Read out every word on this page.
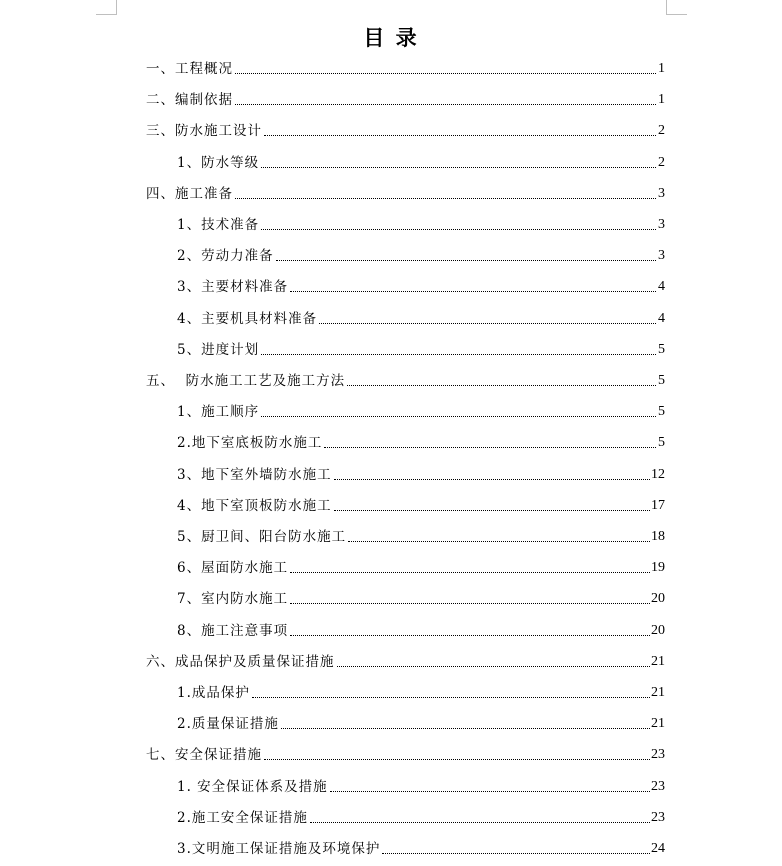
目 录
一、工程概况	1
二、编制依据	1
三、防水施工设计	2
1、防水等级	2
四、施工准备	3
1、技术准备	3
2、劳动力准备	3
3、主要材料准备	4
4、主要机具材料准备	4
5、进度计划	5
五、  防水施工工艺及施工方法	5
1、施工顺序	5
2.地下室底板防水施工	5
3、地下室外墙防水施工	12
4、地下室顶板防水施工	17
5、厨卫间、阳台防水施工	18
6、屋面防水施工	19
7、室内防水施工	20
8、施工注意事项	20
六、成品保护及质量保证措施	21
1.成品保护	21
2.质量保证措施	21
七、安全保证措施	23
1. 安全保证体系及措施	23
2.施工安全保证措施	23
3.文明施工保证措施及环境保护	24
